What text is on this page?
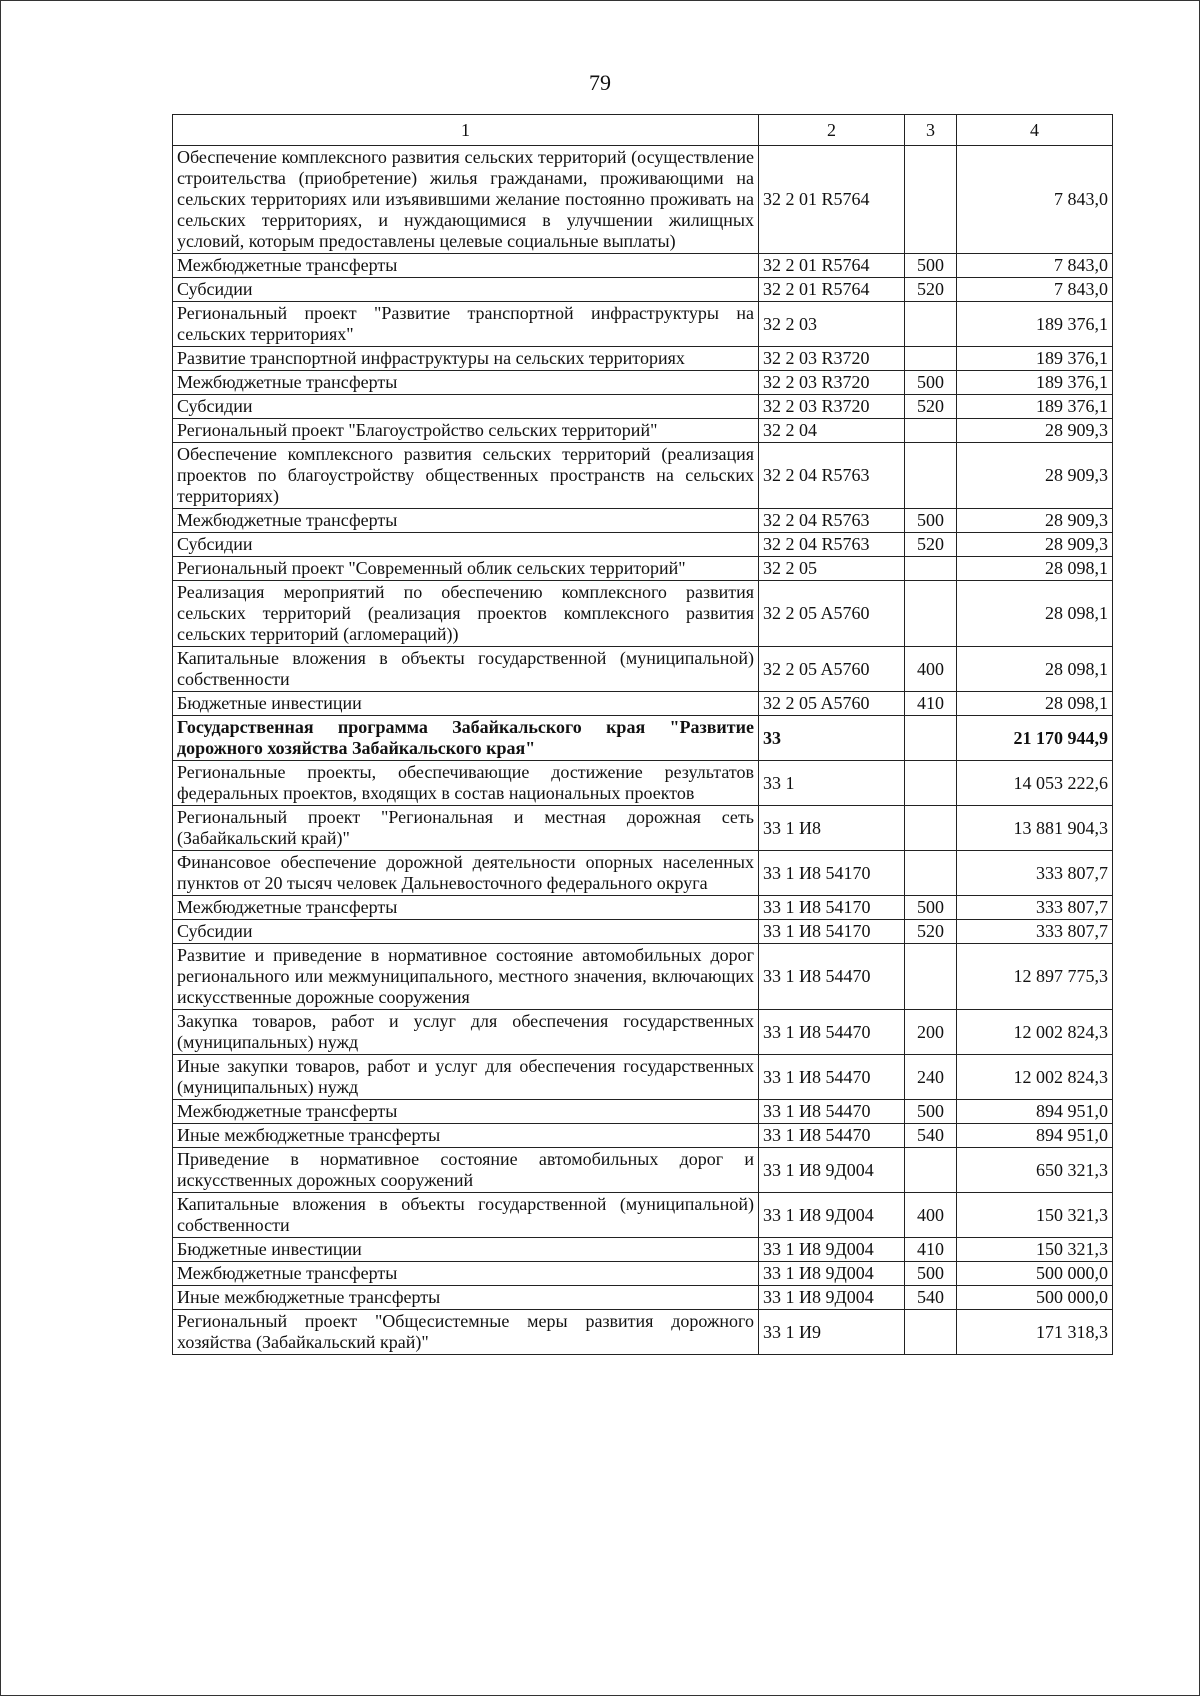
79
1	2	3	4
Обеспечение комплексного развития сельских территорий (осуществление строительства (приобретение) жилья гражданами, проживающими на сельских территориях или изъявившими желание постоянно проживать на сельских территориях, и нуждающимися в улучшении жилищных условий, которым предоставлены целевые социальные выплаты)	32 2 01 R5764		7 843,0
Межбюджетные трансферты	32 2 01 R5764	500	7 843,0
Субсидии	32 2 01 R5764	520	7 843,0
Региональный проект "Развитие транспортной инфраструктуры на сельских территориях"	32 2 03		189 376,1
Развитие транспортной инфраструктуры на сельских территориях	32 2 03 R3720		189 376,1
Межбюджетные трансферты	32 2 03 R3720	500	189 376,1
Субсидии	32 2 03 R3720	520	189 376,1
Региональный проект "Благоустройство сельских территорий"	32 2 04		28 909,3
Обеспечение комплексного развития сельских территорий (реализация проектов по благоустройству общественных пространств на сельских территориях)	32 2 04 R5763		28 909,3
Межбюджетные трансферты	32 2 04 R5763	500	28 909,3
Субсидии	32 2 04 R5763	520	28 909,3
Региональный проект "Современный облик сельских территорий"	32 2 05		28 098,1
Реализация мероприятий по обеспечению комплексного развития сельских территорий (реализация проектов комплексного развития сельских территорий (агломераций))	32 2 05 A5760		28 098,1
Капитальные вложения в объекты государственной (муниципальной) собственности	32 2 05 A5760	400	28 098,1
Бюджетные инвестиции	32 2 05 A5760	410	28 098,1
Государственная программа Забайкальского края "Развитие дорожного хозяйства Забайкальского края"	33		21 170 944,9
Региональные проекты, обеспечивающие достижение результатов федеральных проектов, входящих в состав национальных проектов	33 1		14 053 222,6
Региональный проект "Региональная и местная дорожная сеть (Забайкальский край)"	33 1 И8		13 881 904,3
Финансовое обеспечение дорожной деятельности опорных населенных пунктов от 20 тысяч человек Дальневосточного федерального округа	33 1 И8 54170		333 807,7
Межбюджетные трансферты	33 1 И8 54170	500	333 807,7
Субсидии	33 1 И8 54170	520	333 807,7
Развитие и приведение в нормативное состояние автомобильных дорог регионального или межмуниципального, местного значения, включающих искусственные дорожные сооружения	33 1 И8 54470		12 897 775,3
Закупка товаров, работ и услуг для обеспечения государственных (муниципальных) нужд	33 1 И8 54470	200	12 002 824,3
Иные закупки товаров, работ и услуг для обеспечения государственных (муниципальных) нужд	33 1 И8 54470	240	12 002 824,3
Межбюджетные трансферты	33 1 И8 54470	500	894 951,0
Иные межбюджетные трансферты	33 1 И8 54470	540	894 951,0
Приведение в нормативное состояние автомобильных дорог и искусственных дорожных сооружений	33 1 И8 9Д004		650 321,3
Капитальные вложения в объекты государственной (муниципальной) собственности	33 1 И8 9Д004	400	150 321,3
Бюджетные инвестиции	33 1 И8 9Д004	410	150 321,3
Межбюджетные трансферты	33 1 И8 9Д004	500	500 000,0
Иные межбюджетные трансферты	33 1 И8 9Д004	540	500 000,0
Региональный проект "Общесистемные меры развития дорожного хозяйства (Забайкальский край)"	33 1 И9		171 318,3
